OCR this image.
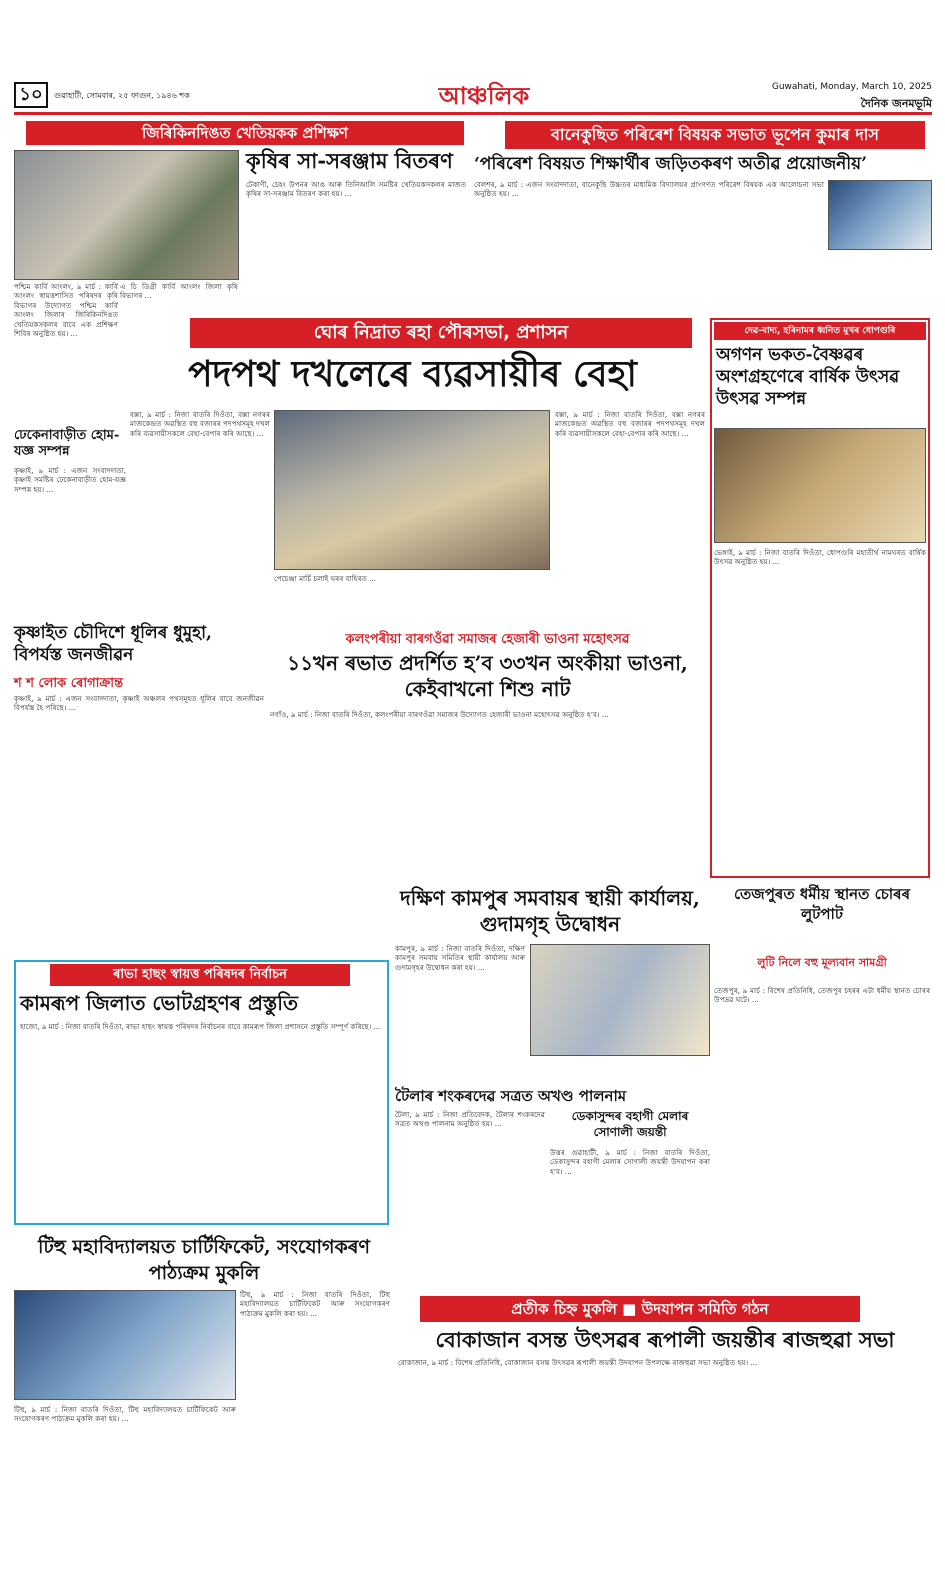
১০	গুৱাহাটী, সোমবাৰ, ২৫ ফাগুন, ১৯৪৬ শক	আঞ্চলিক	Guwahati, Monday, March 10, 2025
দৈনিক জনমভূমি
জিৰিকিনদিঙত খেতিয়কক প্ৰশিক্ষণ
কৃষিৰ সা-সৰঞ্জাম বিতৰণ
টেকাণী, চেহং উপনৰ আঙ আৰু তিনিআলি সমষ্টিৰ খেতিয়কসকলৰ মাজত কৃষিৰ সা-সৰঞ্জাম বিতৰণ কৰা হয়। ...
এ চি ডিগ্ৰী কাৰ্বি আংলং জিলা কৃষি বিভাগৰ ...
পশ্চিম কাৰ্বি আংলং, ৯ মাৰ্চ : কাৰ্বি আংলং স্বায়ত্তশাসিত পৰিষদৰ কৃষি বিভাগৰ উদ্যোগত পশ্চিম কাৰ্বি আংলং জিলাৰ জিৰিকিনদিঙত খেতিয়কসকলৰ বাবে এক প্ৰশিক্ষণ শিবিৰ অনুষ্ঠিত হয়। ...
বানেকুছিত পৰিৰেশ বিষয়ক সভাত ভূপেন কুমাৰ দাস
‘পৰিৰেশ বিষয়ত শিক্ষাৰ্থীৰ জড়িতকৰণ অতীৱ প্ৰয়োজনীয়’
বেলশৰ, ৯ মাৰ্চ : এজন সংবাদদাতা, বানেকুছি উচ্চতৰ মাধ্যমিক বিদ্যালয়ৰ প্ৰাংগণত পৰিৰেশ বিষয়ক এক আলোচনা সভা অনুষ্ঠিত হয়। ...
ঘোৰ নিদ্ৰাত ৰহা পৌৰসভা, প্ৰশাসন
পদপথ দখলেৰে ব্যৱসায়ীৰ বেহা
বক্সা, ৯ মাৰ্চ : নিজা বাতৰি দিওঁতা, বক্সা নগৰৰ মাজকেন্দ্ৰত অৱস্থিত বহু বজাৰৰ পদপথসমূহ দখল কৰি ব্যৱসায়ীসকলে বেহা-বেপাৰ কৰি আছে। ...
পেচেঞ্জা মাৰ্চি চলাই ঘৰৰ বাহিৰত ...
বক্সা, ৯ মাৰ্চ : নিজা বাতৰি দিওঁতা, বক্সা নগৰৰ মাজকেন্দ্ৰত অৱস্থিত বহু বজাৰৰ পদপথসমূহ দখল কৰি ব্যৱসায়ীসকলে বেহা-বেপাৰ কৰি আছে। ...
দেৱ-বাদ্য, হৰিনামৰ ধ্বনিত মুখৰ ধোপগুৰি
অগণন ভকত-বৈষ্ণৱৰ অংশগ্ৰহণেৰে বাৰ্ষিক উৎসৱ উৎসৱ সম্পন্ন
ভেঙ্গাই, ৯ মাৰ্চ : নিজা বাতৰি দিওঁতা, ধোপগুৰি মহাতীৰ্থ নামঘৰত বাৰ্ষিক উৎসৱ অনুষ্ঠিত হয়। ...
ঢেকেনাবাড়ীত হোম-যজ্ঞ সম্পন্ন
কৃষ্ণাই, ৯ মাৰ্চ : এজন সংবাদদাতা, কৃষ্ণাই সমষ্টিৰ ঢেকেনাবাড়ীত হোম-যজ্ঞ সম্পন্ন হয়। ...
কৃষ্ণাইত চৌদিশে ধূলিৰ ধুমুহা, বিপৰ্যস্ত জনজীৱন
শ শ লোক ৰোগাক্ৰান্ত
কৃষ্ণাই, ৯ মাৰ্চ : এজন সংবাদদাতা, কৃষ্ণাই অঞ্চলৰ পথসমূহত ধূলিৰ বাবে জনজীৱন বিপৰ্যস্ত হৈ পৰিছে। ...
কলংপৰীয়া বাৰগওঁৱা সমাজৰ হেজাৰী ভাওনা মহোৎসৱ
১১খন ৰভাত প্ৰদৰ্শিত হ’ব ৩৩খন অংকীয়া ভাওনা, কেইবাখনো শিশু নাট
নগাঁও, ৯ মাৰ্চ : নিজা বাতৰি দিওঁতা, কলংপৰীয়া বাৰগওঁৱা সমাজৰ উদ্যোগত হেজাৰী ভাওনা মহোৎসৱ অনুষ্ঠিত হ’ব। ...
ৰাভা হাছং স্বায়ত্ত পৰিষদৰ নিৰ্বাচন
কামৰূপ জিলাত ভোটগ্ৰহণৰ প্ৰস্তুতি
হাজো, ৯ মাৰ্চ : নিজা বাতৰি দিওঁতা, ৰাভা হাছং স্বায়ত্ত পৰিষদৰ নিৰ্বাচনৰ বাবে কামৰূপ জিলা প্ৰশাসনে প্ৰস্তুতি সম্পূৰ্ণ কৰিছে। ...
দক্ষিণ কামপুৰ সমবায়ৰ স্থায়ী কাৰ্যালয়, গুদামগৃহ উদ্বোধন
কামপুৰ, ৯ মাৰ্চ : নিজা বাতৰি দিওঁতা, দক্ষিণ কামপুৰ সমবায় সমিতিৰ স্থায়ী কাৰ্যালয় আৰু গুদামগৃহৰ উদ্বোধন কৰা হয়। ...
তেজপুৰত ধৰ্মীয় স্থানত চোৰৰ লুটপাট
লুটি নিলে বহু মূল্যবান সামগ্ৰী
তেজপুৰ, ৯ মাৰ্চ : বিশেষ প্ৰতিনিধি, তেজপুৰ চহৰৰ এটা ধৰ্মীয় স্থানত চোৰৰ উপদ্ৰৱ ঘটে। ...
টৈলাৰ শংকৰদেৱ সত্ৰত অখণ্ড পালনাম
টৈলা, ৯ মাৰ্চ : নিজা প্ৰতিবেদক, টৈলাৰ শংকৰদেৱ সত্ৰত অখণ্ড পালনাম অনুষ্ঠিত হয়। ...
ডেকাসুন্দৰ বহাগী মেলাৰ সোণালী জয়ন্তী
উত্তৰ গুৱাহাটী, ৯ মাৰ্চ : নিজা বাতৰি দিওঁতা, ডেকাসুন্দৰ বহাগী মেলাৰ সোণালী জয়ন্তী উদযাপন কৰা হ’ব। ...
টিহু মহাবিদ্যালয়ত চাৰ্টিফিকেট, সংযোগকৰণ পাঠ্যক্ৰম মুকলি
টিহু, ৯ মাৰ্চ : নিজা বাতৰি দিওঁতা, টিহু মহাবিদ্যালয়ত চাৰ্টিফিকেট আৰু সংযোগকৰণ পাঠ্যক্ৰম মুকলি কৰা হয়। ...
টিহু, ৯ মাৰ্চ : নিজা বাতৰি দিওঁতা, টিহু মহাবিদ্যালয়ত চাৰ্টিফিকেট আৰু সংযোগকৰণ পাঠ্যক্ৰম মুকলি কৰা হয়। ...
প্ৰতীক চিহ্ন মুকলি ■ উদযাপন সমিতি গঠন
বোকাজান বসন্ত উৎসৱৰ ৰূপালী জয়ন্তীৰ ৰাজহুৱা সভা
বোকাজান, ৯ মাৰ্চ : বিশেষ প্ৰতিনিধি, বোকাজান বসন্ত উৎসৱৰ ৰূপালী জয়ন্তী উদযাপন উপলক্ষে ৰাজহুৱা সভা অনুষ্ঠিত হয়। ...
